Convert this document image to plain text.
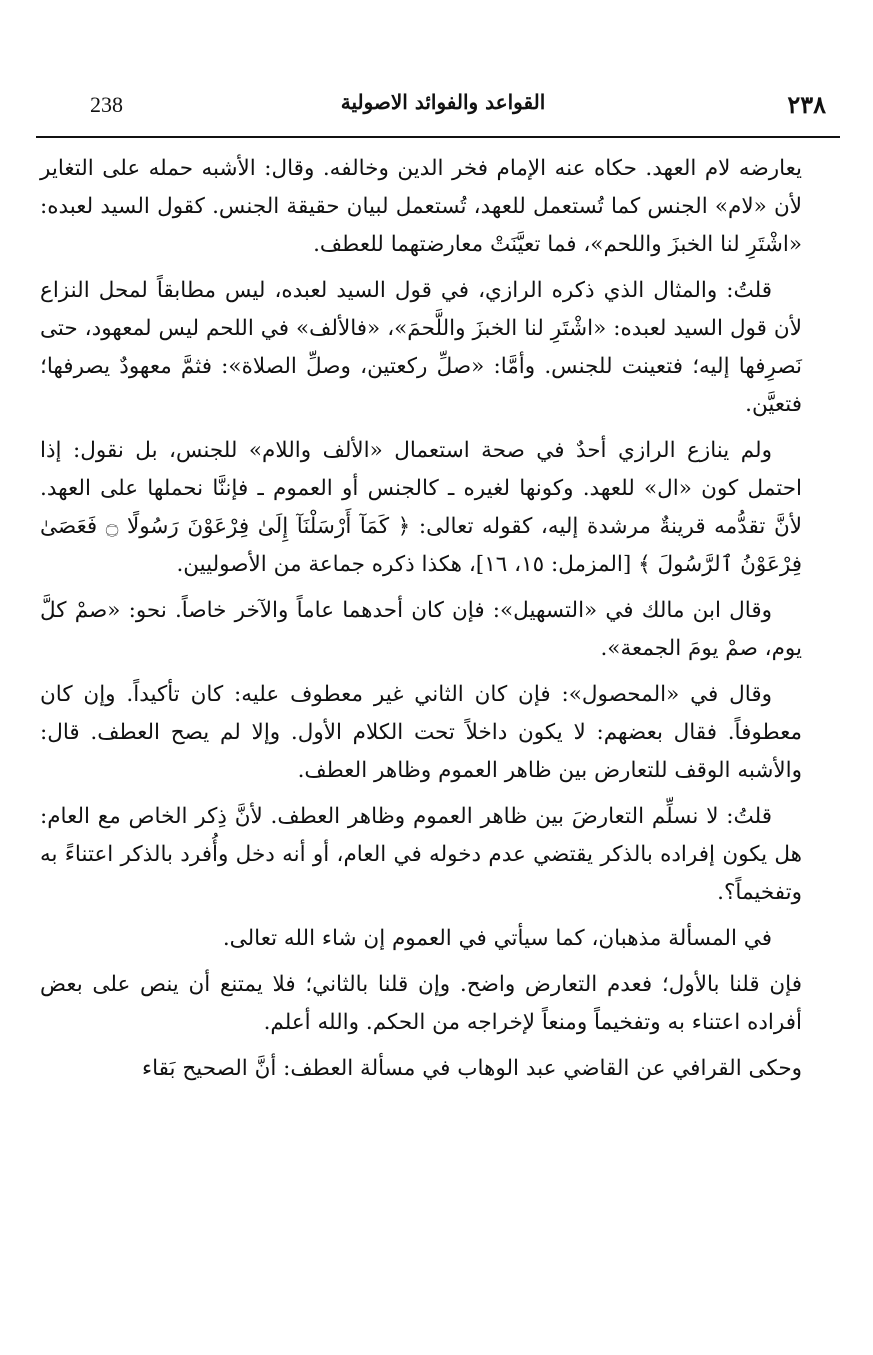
238	القواعد والفوائد الاصولية	٢٣٨

يعارضه لام العهد. حكاه عنه الإمام فخر الدين وخالفه. وقال: الأشبه حمله على التغاير لأن «لام» الجنس كما تُستعمل للعهد، تُستعمل لبيان حقيقة الجنس. كقول السيد لعبده: «اشْتَرِ لنا الخبزَ واللحم»، فما تعيَّنَتْ معارضتهما للعطف.

قلتُ: والمثال الذي ذكره الرازي، في قول السيد لعبده، ليس مطابقاً لمحل النزاع لأن قول السيد لعبده: «اشْتَرِ لنا الخبزَ واللَّحمَ»، «فالألف» في اللحم ليس لمعهود، حتى نَصرِفها إليه؛ فتعينت للجنس. وأمَّا: «صلِّ ركعتين، وصلِّ الصلاة»: فثمَّ معهودٌ يصرفها؛ فتعيَّن.

ولم ينازع الرازي أحدٌ في صحة استعمال «الألف واللام» للجنس، بل نقول: إذا احتمل كون «ال» للعهد. وكونها لغيره ـ كالجنس أو العموم ـ فإننَّا نحملها على العهد. لأنَّ تقدُّمه قرينةٌ مرشدة إليه، كقوله تعالى: ﴿ كَمَآ أَرْسَلْنَآ إِلَىٰ فِرْعَوْنَ رَسُولًا ۝ فَعَصَىٰ فِرْعَوْنُ ٱلرَّسُولَ ﴾ [المزمل: ١٥، ١٦]، هكذا ذكره جماعة من الأصوليين.

وقال ابن مالك في «التسهيل»: فإن كان أحدهما عاماً والآخر خاصاً. نحو: «صمْ كلَّ يوم، صمْ يومَ الجمعة».

وقال في «المحصول»: فإن كان الثاني غير معطوف عليه: كان تأكيداً. وإن كان معطوفاً. فقال بعضهم: لا يكون داخلاً تحت الكلام الأول. وإلا لم يصح العطف. قال: والأشبه الوقف للتعارض بين ظاهر العموم وظاهر العطف.

قلتُ: لا نسلِّم التعارضَ بين ظاهر العموم وظاهر العطف. لأنَّ ذِكر الخاص مع العام: هل يكون إفراده بالذكر يقتضي عدم دخوله في العام، أو أنه دخل وأُفرد بالذكر اعتناءً به وتفخيماً؟.

في المسألة مذهبان، كما سيأتي في العموم إن شاء الله تعالى.

فإن قلنا بالأول؛ فعدم التعارض واضح. وإن قلنا بالثاني؛ فلا يمتنع أن ينص على بعض أفراده اعتناء به وتفخيماً ومنعاً لإخراجه من الحكم. والله أعلم.

وحكى القرافي عن القاضي عبد الوهاب في مسألة العطف: أنَّ الصحيح بَقاء
